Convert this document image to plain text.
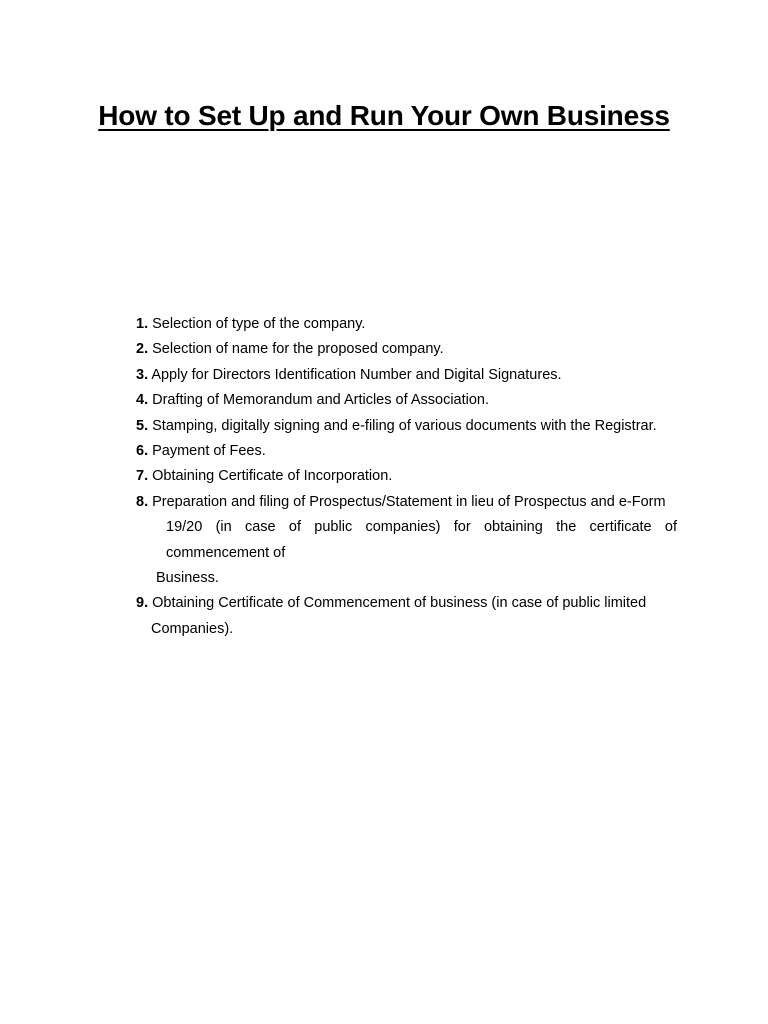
How to Set Up and Run Your Own Business

1. Selection of type of the company.

2. Selection of name for the proposed company.

3. Apply for Directors Identification Number and Digital Signatures.

4. Drafting of Memorandum and Articles of Association.

5. Stamping, digitally signing and e-filing of various documents with the Registrar.

6. Payment of Fees.

7. Obtaining Certificate of Incorporation.

8. Preparation and filing of Prospectus/Statement in lieu of Prospectus and e-Form

19/20 (in case of public companies) for obtaining the certificate of commencement of

Business.

9. Obtaining Certificate of Commencement of business (in case of public limited

Companies).
